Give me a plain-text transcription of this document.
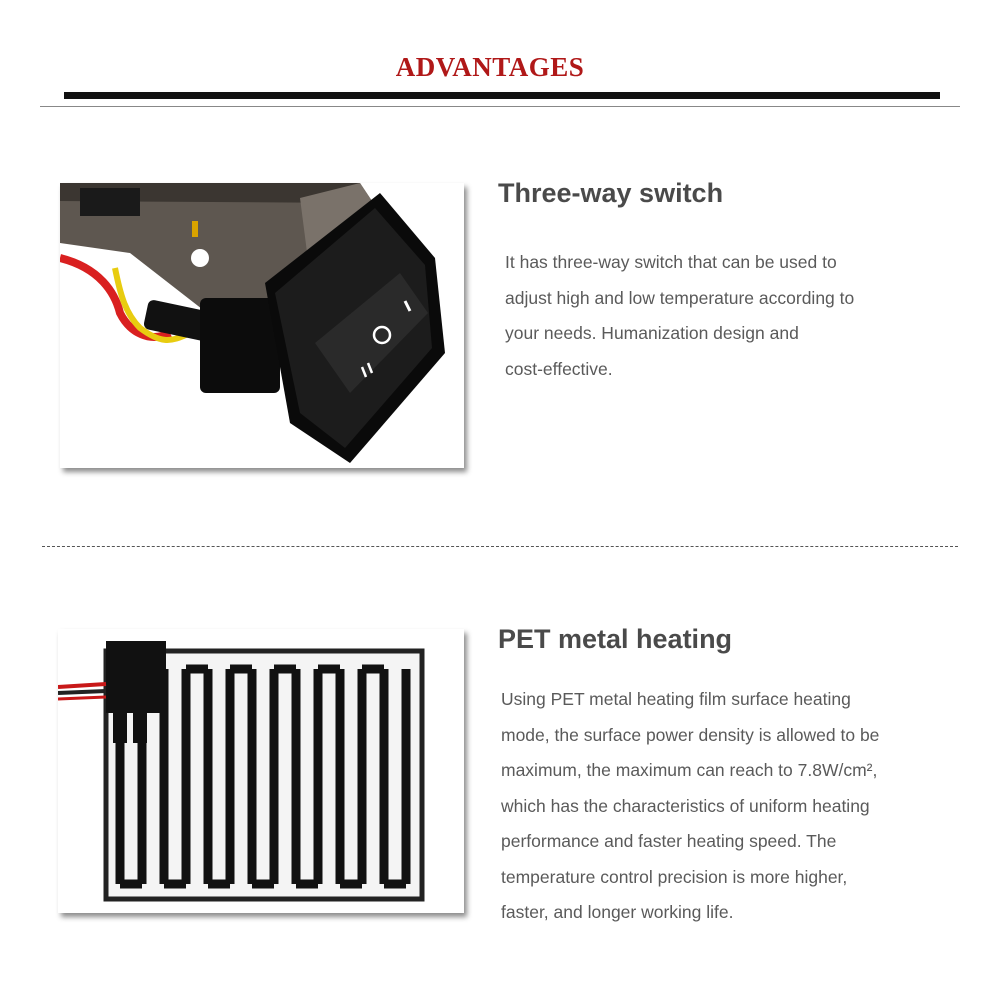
ADVANTAGES
Three-way switch

It has three-way switch that can be used to
adjust high and low temperature according to
your needs. Humanization design and
cost-effective.

PET metal heating

Using PET metal heating film surface heating
mode, the surface power density is allowed to be
maximum, the maximum can reach to 7.8W/cm²,
which has the characteristics of uniform heating
performance and faster heating speed. The
temperature control precision is more higher,
faster, and longer working life.
